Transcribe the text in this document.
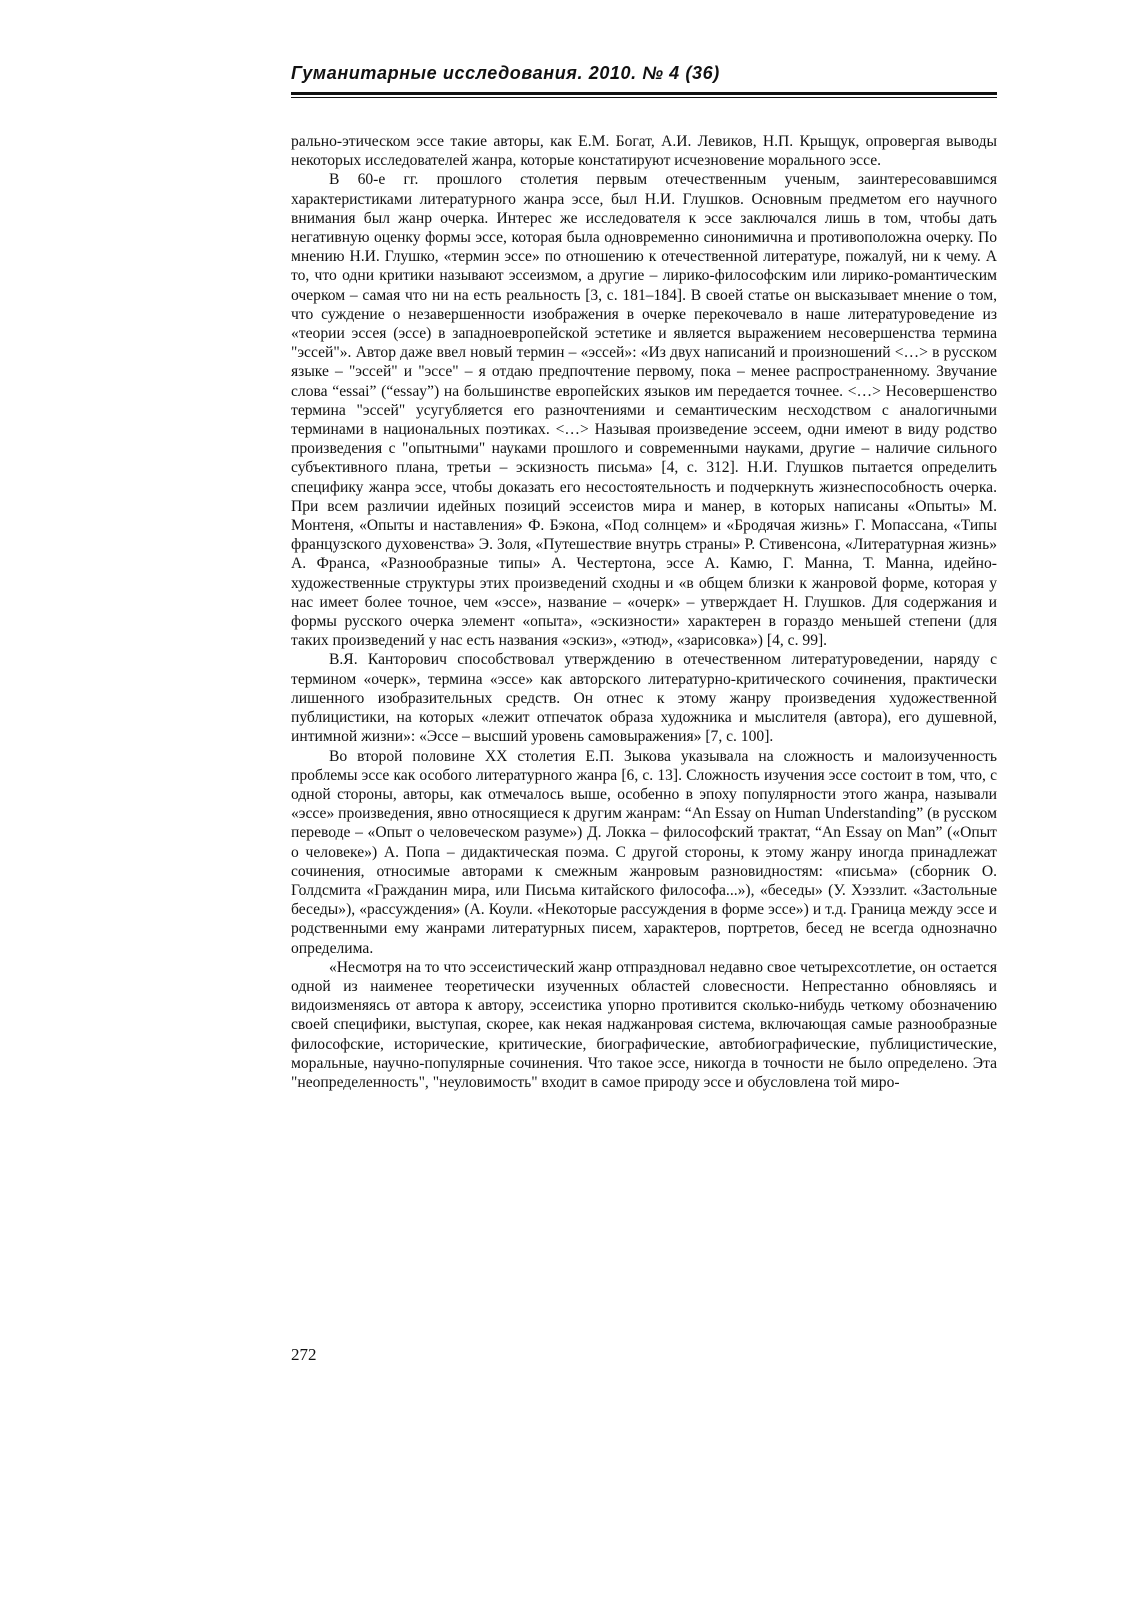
Гуманитарные исследования. 2010. № 4 (36)

рально-этическом эссе такие авторы, как Е.М. Богат, А.И. Левиков, Н.П. Крыщук, опровергая выводы некоторых исследователей жанра, которые констатируют исчезновение морального эссе.

В 60-е гг. прошлого столетия первым отечественным ученым, заинтересовавшимся характеристиками литературного жанра эссе, был Н.И. Глушков. Основным предметом его научного внимания был жанр очерка. Интерес же исследователя к эссе заключался лишь в том, чтобы дать негативную оценку формы эссе, которая была одновременно синонимична и противоположна очерку. По мнению Н.И. Глушко, «термин эссе» по отношению к отечественной литературе, пожалуй, ни к чему. А то, что одни критики называют эссеизмом, а другие – лирико-философским или лирико-романтическим очерком – самая что ни на есть реальность [3, с. 181–184]. В своей статье он высказывает мнение о том, что суждение о незавершенности изображения в очерке перекочевало в наше литературоведение из «теории эссея (эссе) в западноевропейской эстетике и является выражением несовершенства термина "эссей"». Автор даже ввел новый термин – «эссей»: «Из двух написаний и произношений <…> в русском языке – "эссей" и "эссе" – я отдаю предпочтение первому, пока – менее распространенному. Звучание слова “essai” (“essay”) на большинстве европейских языков им передается точнее. <…> Несовершенство термина "эссей" усугубляется его разночтениями и семантическим несходством с аналогичными терминами в национальных поэтиках. <…> Называя произведение эссеем, одни имеют в виду родство произведения с "опытными" науками прошлого и современными науками, другие – наличие сильного субъективного плана, третьи – эскизность письма» [4, с. 312]. Н.И. Глушков пытается определить специфику жанра эссе, чтобы доказать его несостоятельность и подчеркнуть жизнеспособность очерка. При всем различии идейных позиций эссеистов мира и манер, в которых написаны «Опыты» М. Монтеня, «Опыты и наставления» Ф. Бэкона, «Под солнцем» и «Бродячая жизнь» Г. Мопассана, «Типы французского духовенства» Э. Золя, «Путешествие внутрь страны» Р. Стивенсона, «Литературная жизнь» А. Франса, «Разнообразные типы» А. Честертона, эссе А. Камю, Г. Манна, Т. Манна, идейно-художественные структуры этих произведений сходны и «в общем близки к жанровой форме, которая у нас имеет более точное, чем «эссе», название – «очерк» – утверждает Н. Глушков. Для содержания и формы русского очерка элемент «опыта», «эскизности» характерен в гораздо меньшей степени (для таких произведений у нас есть названия «эскиз», «этюд», «зарисовка») [4, с. 99].

В.Я. Канторович способствовал утверждению в отечественном литературоведении, наряду с термином «очерк», термина «эссе» как авторского литературно-критического сочинения, практически лишенного изобразительных средств. Он отнес к этому жанру произведения художественной публицистики, на которых «лежит отпечаток образа художника и мыслителя (автора), его душевной, интимной жизни»: «Эссе – высший уровень самовыражения» [7, с. 100].

Во второй половине XX столетия Е.П. Зыкова указывала на сложность и малоизученность проблемы эссе как особого литературного жанра [6, с. 13]. Сложность изучения эссе состоит в том, что, с одной стороны, авторы, как отмечалось выше, особенно в эпоху популярности этого жанра, называли «эссе» произведения, явно относящиеся к другим жанрам: “An Essay on Human Understanding” (в русском переводе – «Опыт о человеческом разуме») Д. Локка – философский трактат, “An Essay on Man” («Опыт о человеке») А. Попа – дидактическая поэма. С другой стороны, к этому жанру иногда принадлежат сочинения, относимые авторами к смежным жанровым разновидностям: «письма» (сборник О. Голдсмита «Гражданин мира, или Письма китайского философа...»), «беседы» (У. Хэззлит. «Застольные беседы»), «рассуждения» (А. Коули. «Некоторые рассуждения в форме эссе») и т.д. Граница между эссе и родственными ему жанрами литературных писем, характеров, портретов, бесед не всегда однозначно определима.

«Несмотря на то что эссеистический жанр отпраздновал недавно свое четырехсотлетие, он остается одной из наименее теоретически изученных областей словесности. Непрестанно обновляясь и видоизменяясь от автора к автору, эссеистика упорно противится сколько-нибудь четкому обозначению своей специфики, выступая, скорее, как некая наджанровая система, включающая самые разнообразные философские, исторические, критические, биографические, автобиографические, публицистические, моральные, научно-популярные сочинения. Что такое эссе, никогда в точности не было определено. Эта "неопределенность", "неуловимость" входит в самое природу эссе и обусловлена той миро-

272
